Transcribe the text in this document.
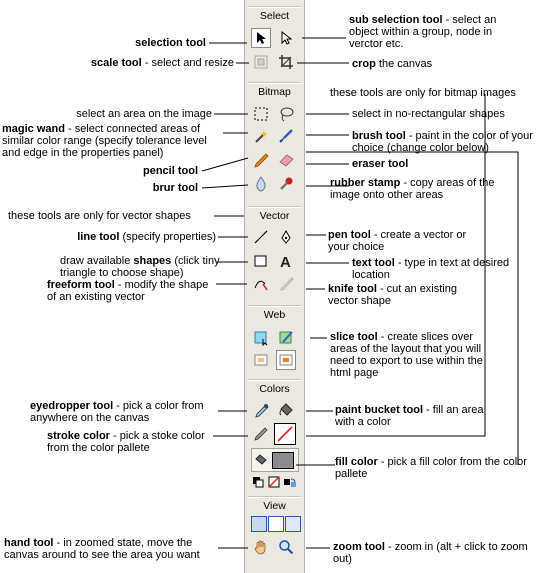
Select
Bitmap
Vector
A
Web
Colors
View
selection tool
scale tool - select and resize
select an area on the image
magic wand - select connected areas of similar color range (specify tolerance level and edge in the properties panel)
pencil tool
brur tool
these tools are only for vector shapes
line tool (specify properties)
draw available shapes (click tiny triangle to choose shape)
freeform tool - modify the shape of an existing vector
eyedropper tool - pick a color from anywhere on the canvas
stroke color - pick a stoke color from the color pallete
hand tool - in zoomed state, move the canvas around to see the area you want
sub selection tool - select an object within a group, node in verctor etc.
crop the canvas
these tools are only for bitmap images
select in no-rectangular shapes
brush tool - paint in the color of your choice (change color below)
eraser tool
rubber stamp - copy areas of the image onto other areas
pen tool - create a vector or your choice
text tool - type in text at desired location
knife tool - cut an existing vector shape
slice tool - create slices over areas of the layout that you will need to export to use within the html page
paint bucket tool - fill an area with a color
fill color - pick a fill color from the color pallete
zoom tool - zoom in (alt + click to zoom out)
